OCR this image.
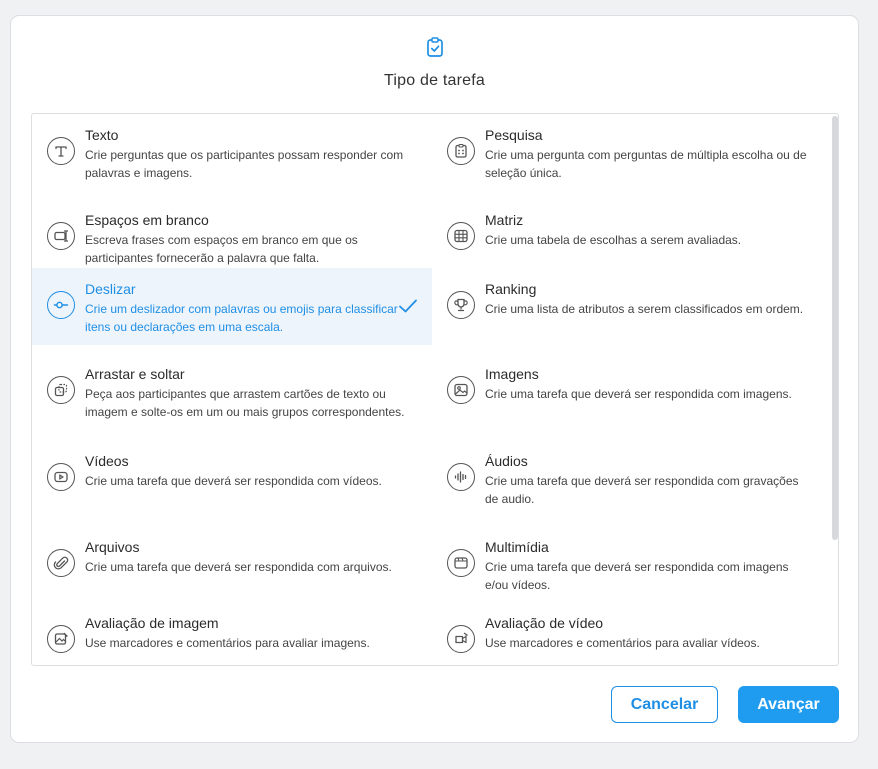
Tipo de tarefa
Texto
Crie perguntas que os participantes possam responder com palavras e imagens.
Espaços em branco
Escreva frases com espaços em branco em que os participantes fornecerão a palavra que falta.
Deslizar
Crie um deslizador com palavras ou emojis para classificar itens ou declarações em uma escala.
Arrastar e soltar
Peça aos participantes que arrastem cartões de texto ou imagem e solte-os em um ou mais grupos correspondentes.
Vídeos
Crie uma tarefa que deverá ser respondida com vídeos.
Arquivos
Crie uma tarefa que deverá ser respondida com arquivos.
Avaliação de imagem
Use marcadores e comentários para avaliar imagens.
Pesquisa
Crie uma pergunta com perguntas de múltipla escolha ou de seleção única.
Matriz
Crie uma tabela de escolhas a serem avaliadas.
Ranking
Crie uma lista de atributos a serem classificados em ordem.
Imagens
Crie uma tarefa que deverá ser respondida com imagens.
Áudios
Crie uma tarefa que deverá ser respondida com gravações de audio.
Multimídia
Crie uma tarefa que deverá ser respondida com imagens e/ou vídeos.
Avaliação de vídeo
Use marcadores e comentários para avaliar vídeos.
Cancelar	Avançar
